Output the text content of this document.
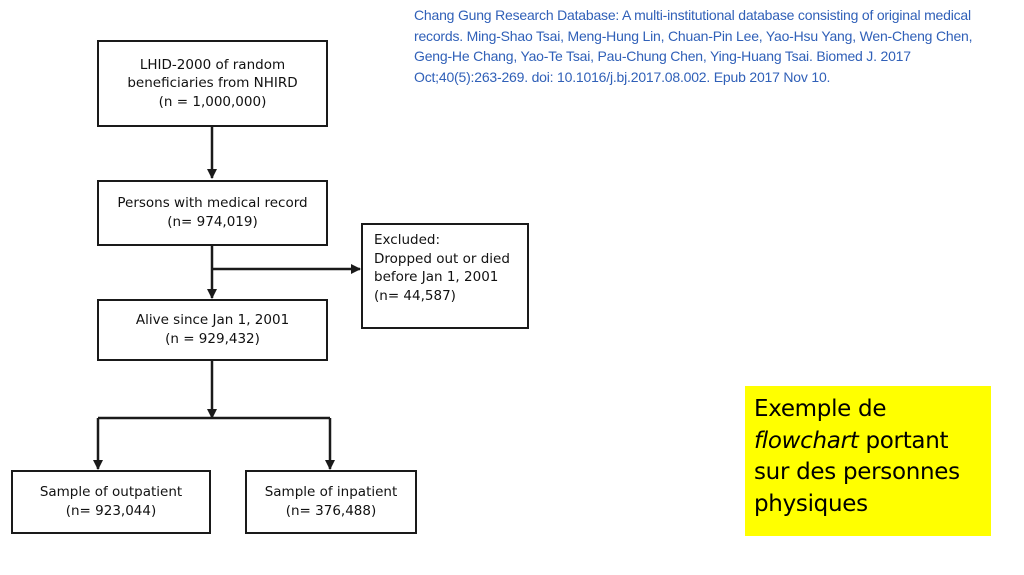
Chang Gung Research Database: A multi-institutional database consisting of original medical
records. Ming-Shao Tsai, Meng-Hung Lin, Chuan-Pin Lee, Yao-Hsu Yang, Wen-Cheng Chen,
Geng-He Chang, Yao-Te Tsai, Pau-Chung Chen, Ying-Huang Tsai. Biomed J. 2017
Oct;40(5):263-269. doi: 10.1016/j.bj.2017.08.002. Epub 2017 Nov 10.
LHID-2000 of random
beneficiaries from NHIRD
(n = 1,000,000)
Persons with medical record
(n= 974,019)
Excluded:
Dropped out or died
before Jan 1, 2001
(n= 44,587)
Alive since Jan 1, 2001
(n = 929,432)
Sample of outpatient
(n= 923,044)
Sample of inpatient
(n= 376,488)
Exemple de flowchart portant sur des personnes physiques
